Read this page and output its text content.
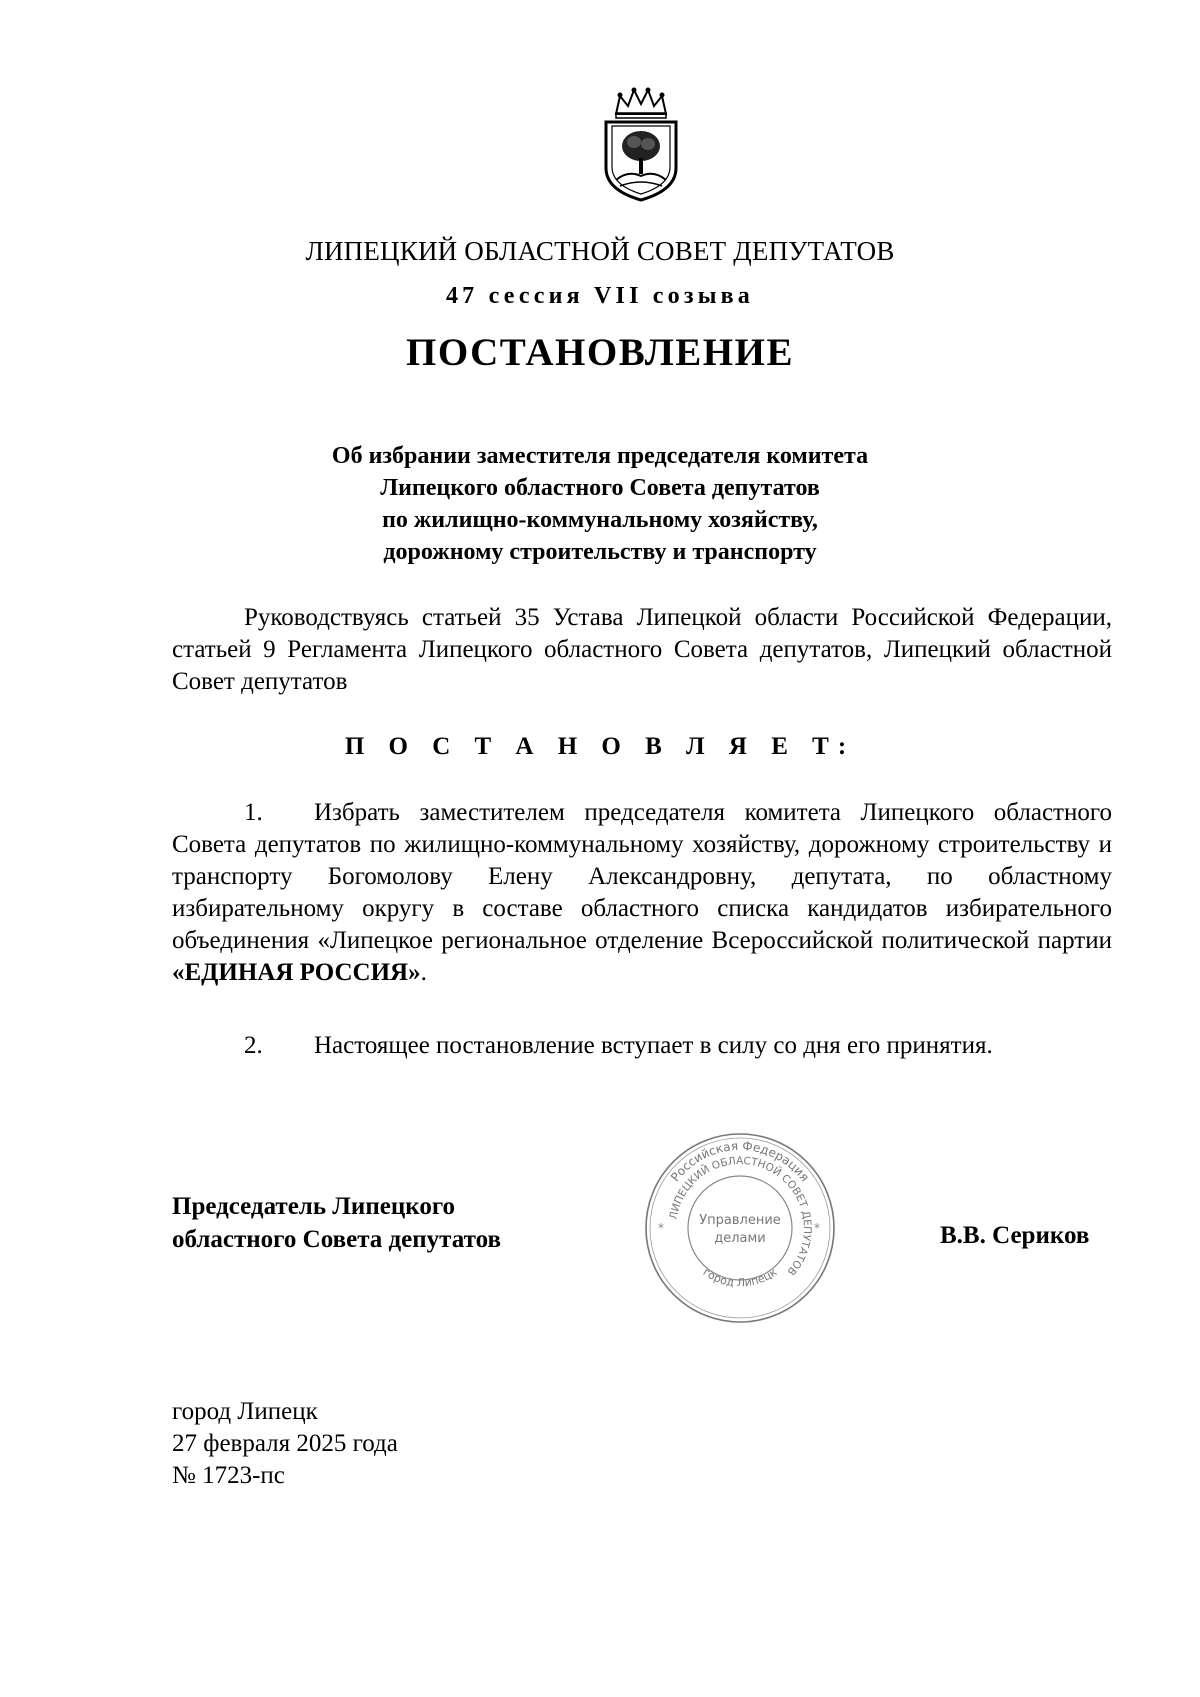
ЛИПЕЦКИЙ ОБЛАСТНОЙ СОВЕТ ДЕПУТАТОВ
47 сессия VII созыва
ПОСТАНОВЛЕНИЕ
Об избрании заместителя председателя комитета
Липецкого областного Совета депутатов
по жилищно-коммунальному хозяйству,
дорожному строительству и транспорту

Руководствуясь статьей 35 Устава Липецкой области Российской Федерации, статьей 9 Регламента Липецкого областного Совета депутатов, Липецкий областной Совет депутатов

П О С Т А Н О В Л Я Е Т:

1. Избрать заместителем председателя комитета Липецкого областного Совета депутатов по жилищно-коммунальному хозяйству, дорожному строительству и транспорту Богомолову Елену Александровну, депутата, по областному избирательному округу в составе областного списка кандидатов избирательного объединения «Липецкое региональное отделение Всероссийской политической партии «ЕДИНАЯ РОССИЯ».

2. Настоящее постановление вступает в силу со дня его принятия.

Председатель Липецкого
областного Совета депутатов
Российская Федерация
ЛИПЕЦКИЙ ОБЛАСТНОЙ СОВЕТ ДЕПУТАТОВ
город Липецк
Управление
делами
*	*	В.В. Сериков
город Липецк
27 февраля 2025 года
№ 1723-пс
